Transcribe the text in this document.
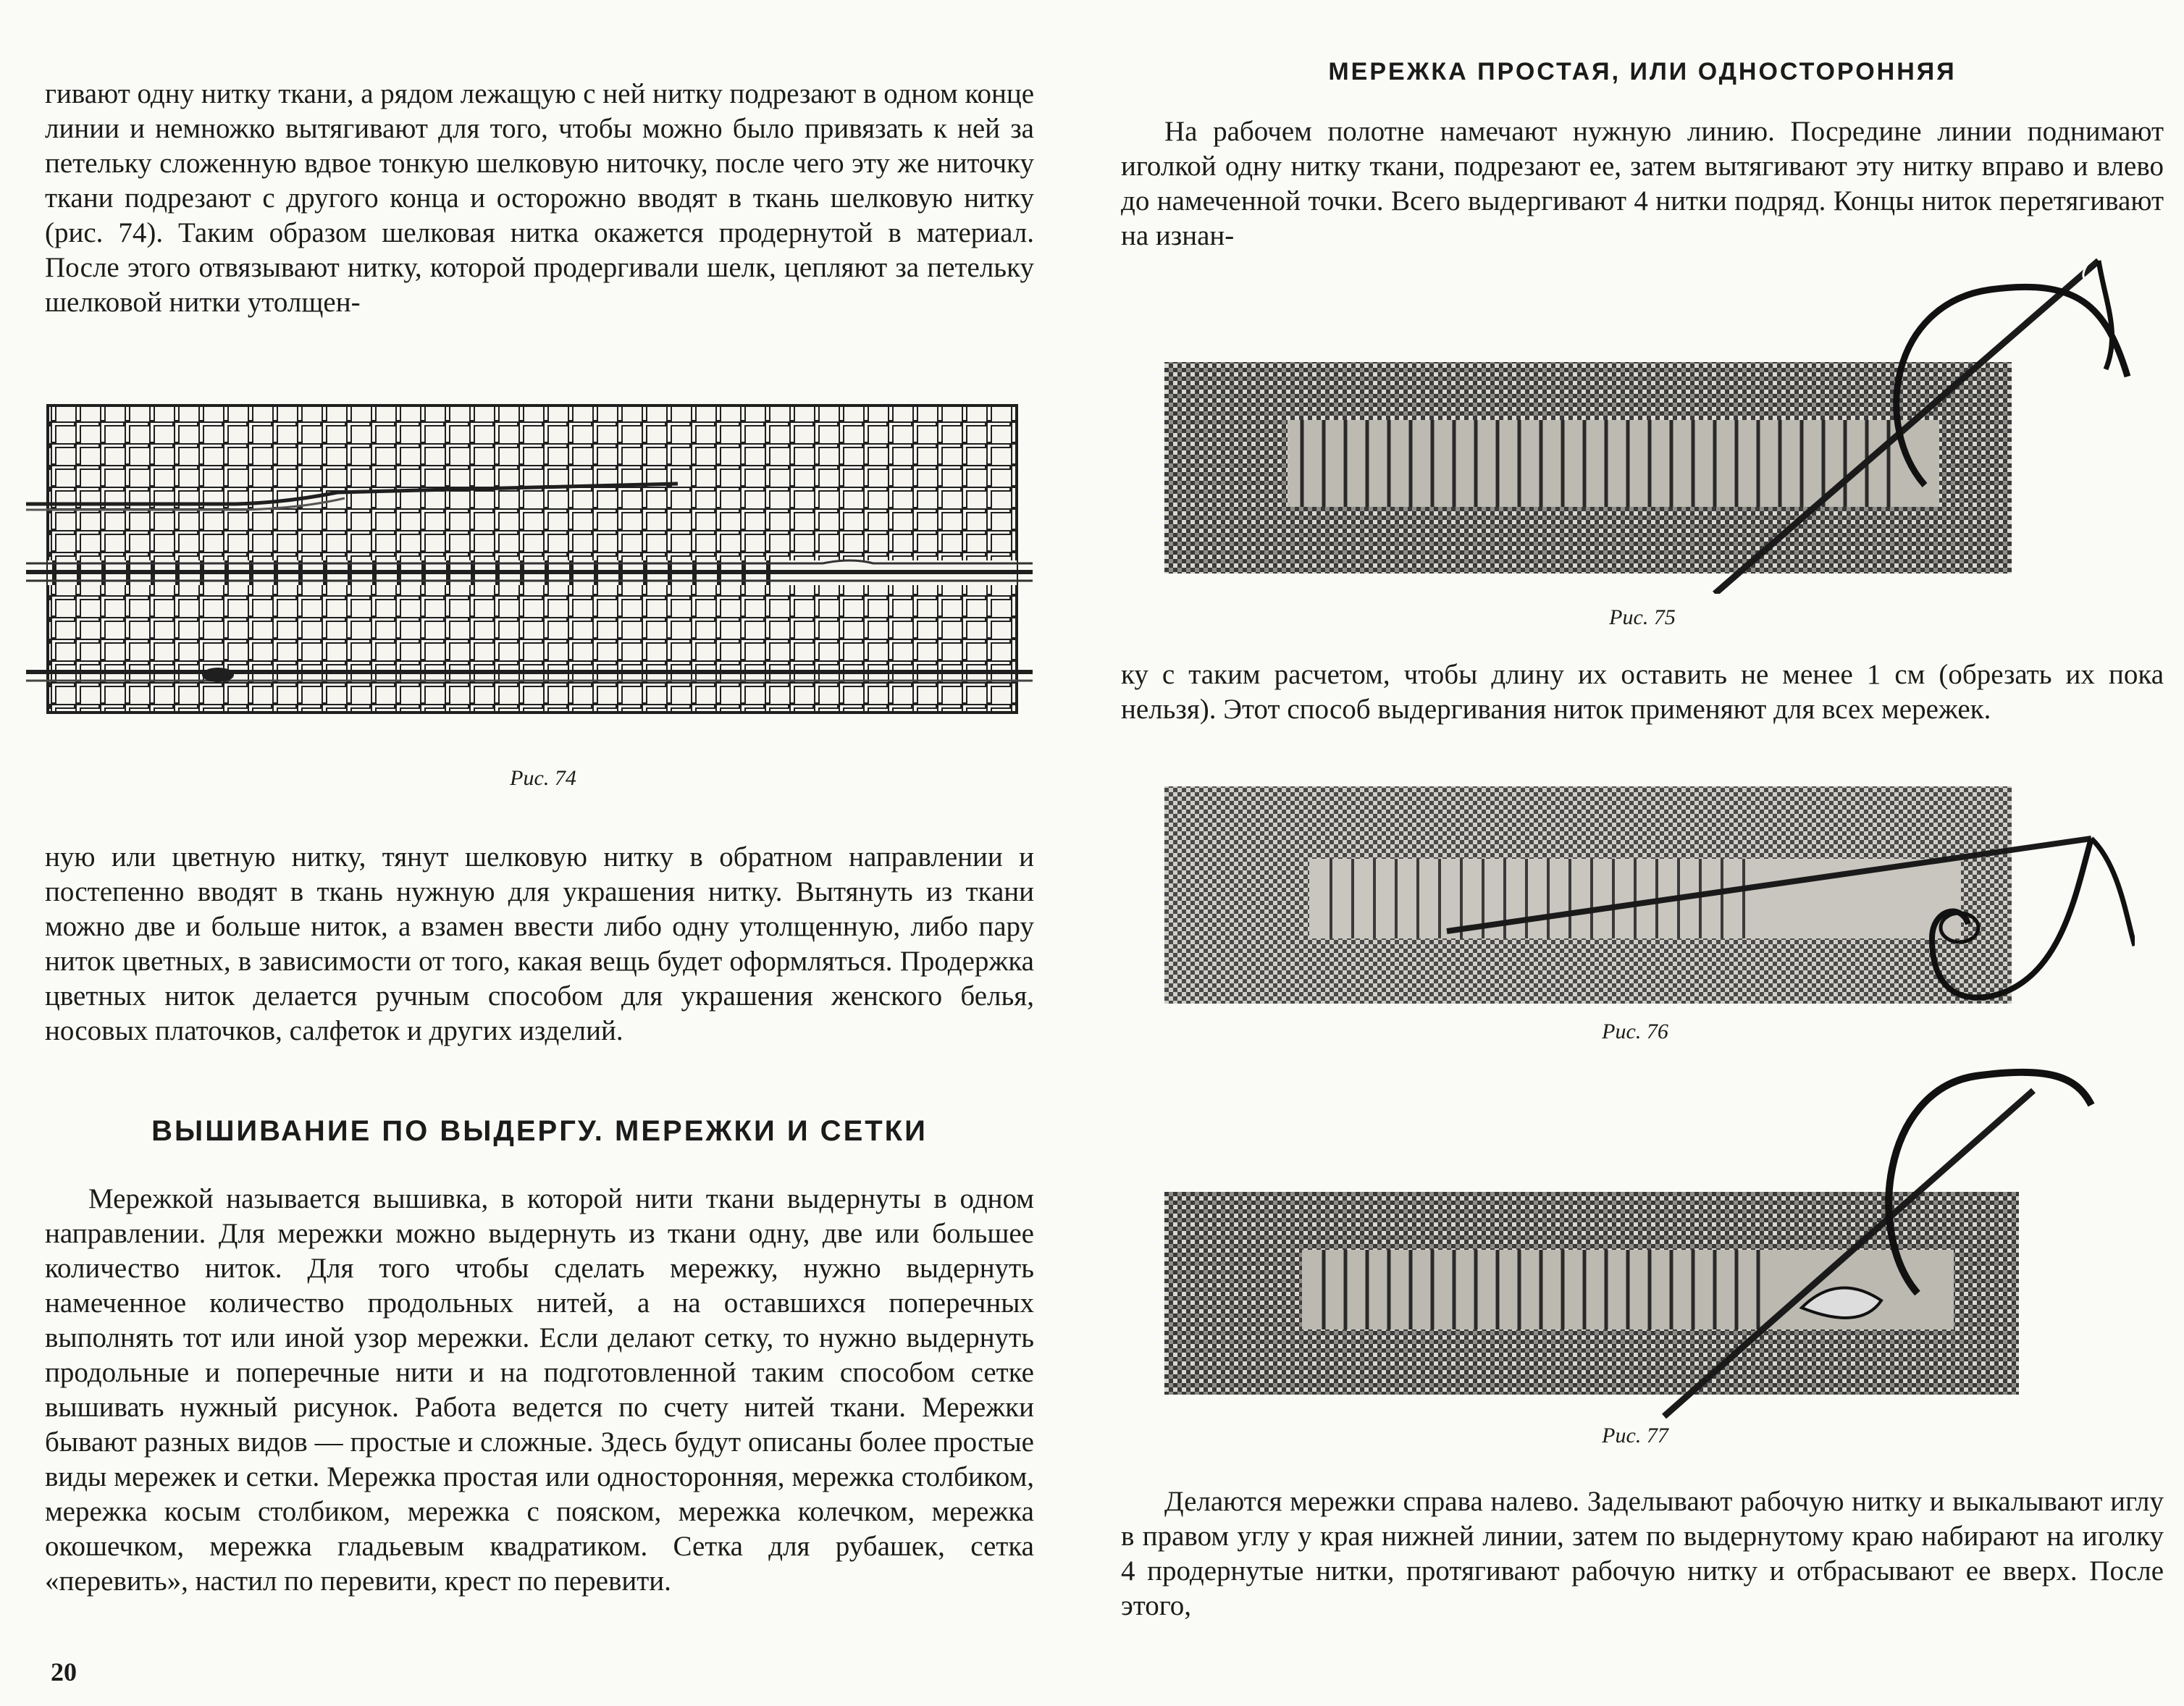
гивают одну нитку ткани, а рядом лежащую с ней нитку подрезают в одном конце линии и немножко вытягивают для того, чтобы можно было привязать к ней за петельку сложенную вдвое тонкую шелковую ниточку, после чего эту же ниточку ткани подрезают с другого конца и осторожно вводят в ткань шелковую нитку (рис. 74). Таким образом шелковая нитка окажется продернутой в материал. После этого отвязывают нитку, которой продергивали шелк, цепляют за петельку шелковой нитки утолщен-

Рис. 74

ную или цветную нитку, тянут шелковую нитку в обратном направлении и постепенно вводят в ткань нужную для украшения нитку. Вытянуть из ткани можно две и больше ниток, а взамен ввести либо одну утолщенную, либо пару ниток цветных, в зависимости от того, какая вещь будет оформляться. Продержка цветных ниток делается ручным способом для украшения женского белья, носовых платочков, салфеток и других изделий.

ВЫШИВАНИЕ ПО ВЫДЕРГУ. МЕРЕЖКИ И СЕТКИ

Мережкой называется вышивка, в которой нити ткани выдернуты в одном направлении. Для мережки можно выдернуть из ткани одну, две или большее количество ниток. Для того чтобы сделать мережку, нужно выдернуть намеченное количество продольных нитей, а на оставшихся поперечных выполнять тот или иной узор мережки. Если делают сетку, то нужно выдернуть продольные и поперечные нити и на подготовленной таким способом сетке вышивать нужный рисунок. Работа ведется по счету нитей ткани. Мережки бывают разных видов — простые и сложные. Здесь будут описаны более простые виды мережек и сетки. Мережка простая или односторонняя, мережка столбиком, мережка косым столбиком, мережка с пояском, мережка колечком, мережка окошечком, мережка гладьевым квадратиком. Сетка для рубашек, сетка «перевить», настил по перевити, крест по перевити.

20
МЕРЕЖКА ПРОСТАЯ, ИЛИ ОДНОСТОРОННЯЯ

На рабочем полотне намечают нужную линию. Посредине линии поднимают иголкой одну нитку ткани, подрезают ее, затем вытягивают эту нитку вправо и влево до намеченной точки. Всего выдергивают 4 нитки подряд. Концы ниток перетягивают на изнан-

Рис. 75

ку с таким расчетом, чтобы длину их оставить не менее 1 см (обрезать их пока нельзя). Этот способ выдергивания ниток применяют для всех мережек.

Рис. 76
Рис. 77

Делаются мережки справа налево. Заделывают рабочую нитку и выкалывают иглу в правом углу у края нижней линии, затем по выдернутому краю набирают на иголку 4 продернутые нитки, протягивают рабочую нитку и отбрасывают ее вверх. После этого,
